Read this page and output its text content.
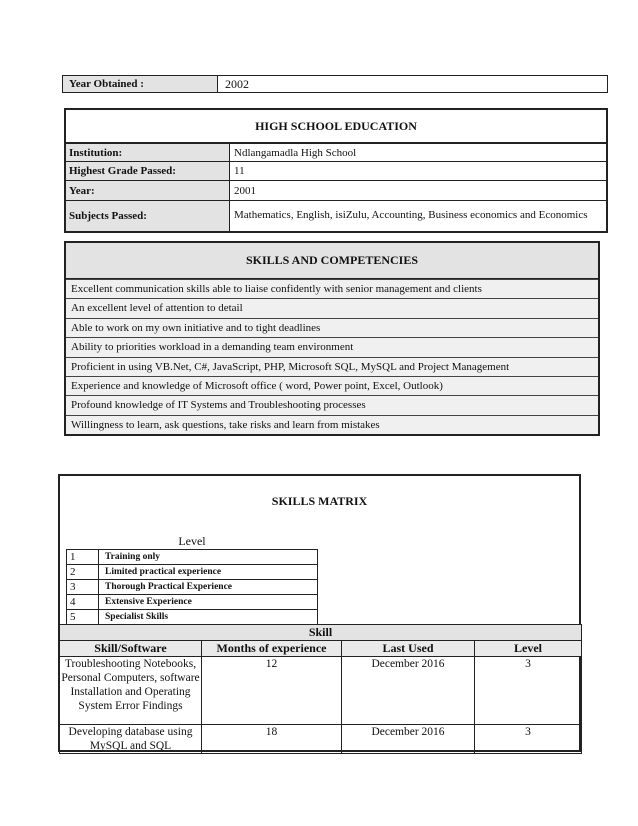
Year Obtained :	2002
HIGH SCHOOL EDUCATION
Institution:	Ndlangamadla High School
Highest Grade Passed:	11
Year:	2001
Subjects Passed:	Mathematics, English, isiZulu, Accounting, Business economics and Economics
SKILLS AND COMPETENCIES
Excellent communication skills able to liaise confidently with senior management and clients
An excellent level of attention to detail
Able to work on my own initiative and to tight deadlines
Ability to priorities workload in a demanding team environment
Proficient in using VB.Net, C#, JavaScript, PHP, Microsoft SQL, MySQL and Project Management
Experience and knowledge of Microsoft office ( word, Power point, Excel, Outlook)
Profound knowledge of IT Systems and Troubleshooting processes
Willingness to learn, ask questions, take risks and learn from mistakes
SKILLS MATRIX
Level
1	Training only
2	Limited practical experience
3	Thorough Practical Experience
4	Extensive Experience
5	Specialist Skills
Skill			
Skill/Software	Months of experience	Last Used	Level
Troubleshooting Notebooks, Personal Computers, software Installation and Operating System Error Findings	12	December 2016	3
Developing database using MySQL and SQL	18	December 2016	3
